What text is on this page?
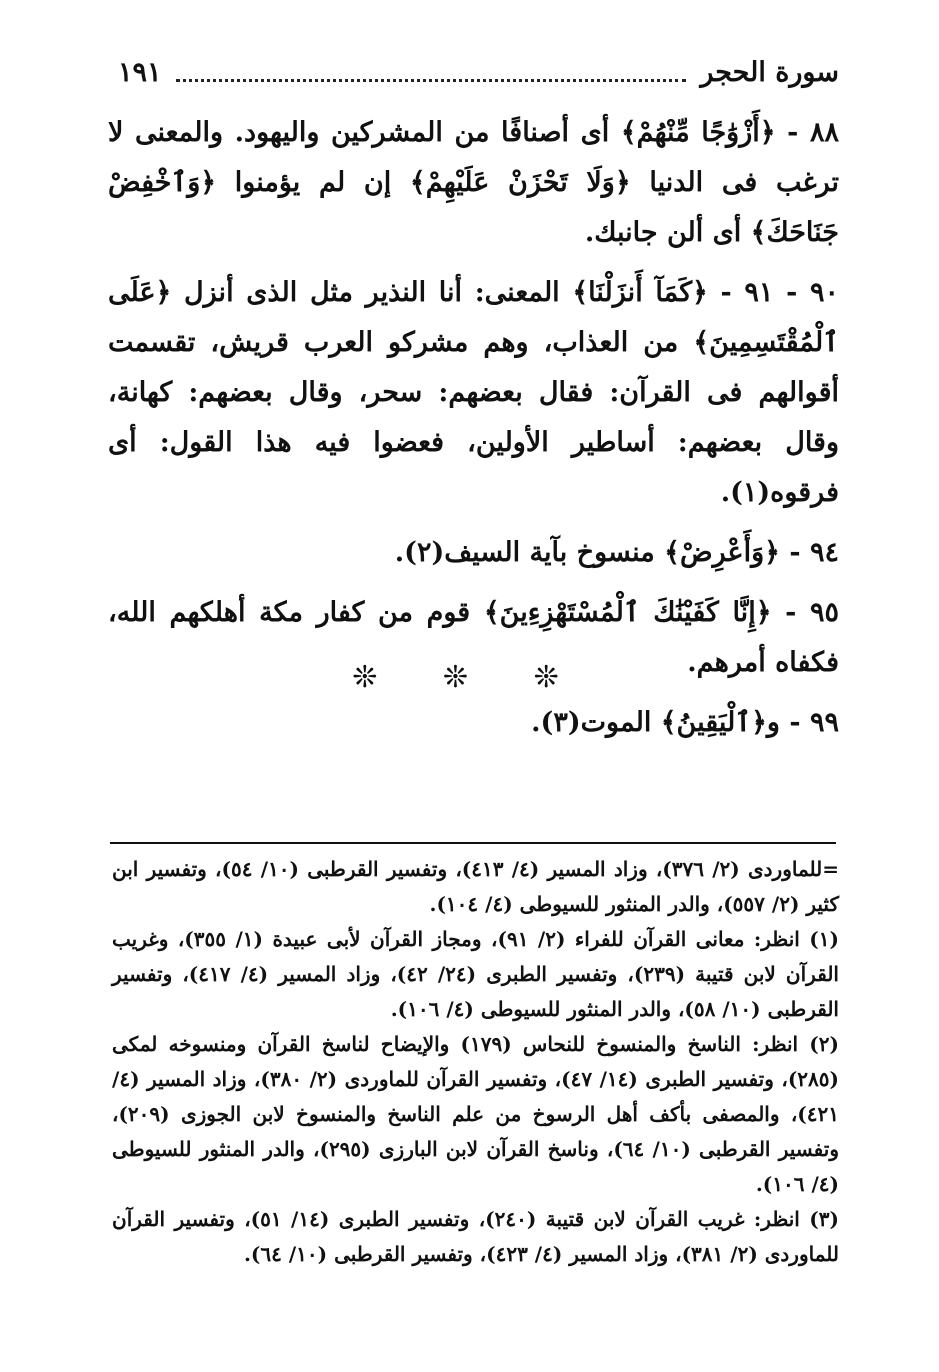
سورة الحجر
١٩١

٨٨ - ﴿أَزْوَٰجًا مِّنْهُمْ﴾ أى أصنافًا من المشركين واليهود. والمعنى لا ترغب فى الدنيا ﴿وَلَا تَحْزَنْ عَلَيْهِمْ﴾ إن لم يؤمنوا ﴿وَٱخْفِضْ جَنَاحَكَ﴾ أى ألن جانبك.

٩٠ - ٩١ - ﴿كَمَآ أَنزَلْنَا﴾ المعنى: أنا النذير مثل الذى أنزل ﴿عَلَى ٱلْمُقْتَسِمِينَ﴾ من العذاب، وهم مشركو العرب قريش، تقسمت أقوالهم فى القرآن: فقال بعضهم: سحر، وقال بعضهم: كهانة، وقال بعضهم: أساطير الأولين، فعضوا فيه هذا القول: أى فرقوه(١).

٩٤ - ﴿وَأَعْرِضْ﴾ منسوخ بآية السيف(٢).

٩٥ - ﴿إِنَّا كَفَيْنَٰكَ ٱلْمُسْتَهْزِءِينَ﴾ قوم من كفار مكة أهلكهم الله، فكفاه أمرهم.

٩٩ - و﴿ٱلْيَقِينُ﴾ الموت(٣).

❊ ❊ ❊

=للماوردى (٢/ ٣٧٦)، وزاد المسير (٤/ ٤١٣)، وتفسير القرطبى (١٠/ ٥٤)، وتفسير ابن كثير (٢/ ٥٥٧)، والدر المنثور للسيوطى (٤/ ١٠٤).

(١) انظر: معانى القرآن للفراء (٢/ ٩١)، ومجاز القرآن لأبى عبيدة (١/ ٣٥٥)، وغريب القرآن لابن قتيبة (٢٣٩)، وتفسير الطبرى (٢٤/ ٤٢)، وزاد المسير (٤/ ٤١٧)، وتفسير القرطبى (١٠/ ٥٨)، والدر المنثور للسيوطى (٤/ ١٠٦).

(٢) انظر: الناسخ والمنسوخ للنحاس (١٧٩) والإيضاح لناسخ القرآن ومنسوخه لمكى (٢٨٥)، وتفسير الطبرى (١٤/ ٤٧)، وتفسير القرآن للماوردى (٢/ ٣٨٠)، وزاد المسير (٤/ ٤٢١)، والمصفى بأكف أهل الرسوخ من علم الناسخ والمنسوخ لابن الجوزى (٢٠٩)، وتفسير القرطبى (١٠/ ٦٤)، وناسخ القرآن لابن البارزى (٢٩٥)، والدر المنثور للسيوطى (٤/ ١٠٦).

(٣) انظر: غريب القرآن لابن قتيبة (٢٤٠)، وتفسير الطبرى (١٤/ ٥١)، وتفسير القرآن للماوردى (٢/ ٣٨١)، وزاد المسير (٤/ ٤٢٣)، وتفسير القرطبى (١٠/ ٦٤).
